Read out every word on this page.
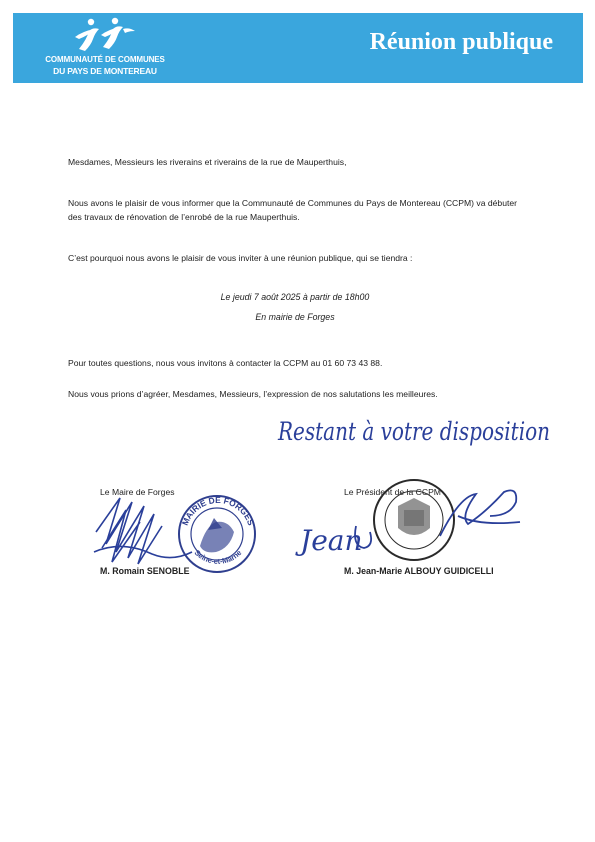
COMMUNAUTÉ DE COMMUNES
DU PAYS DE MONTEREAU
Réunion publique
Mesdames, Messieurs les riverains et riverains de la rue de Mauperthuis,
Nous avons le plaisir de vous informer que la Communauté de Communes du Pays de Montereau (CCPM) va débuter des travaux de rénovation de l’enrobé de la rue Mauperthuis.
C’est pourquoi nous avons le plaisir de vous inviter à une réunion publique, qui se tiendra :
Le jeudi 7 août 2025 à partir de 18h00
En mairie de Forges
Pour toutes questions, nous vous invitons à contacter la CCPM au 01 60 73 43 88.
Nous vous prions d’agréer, Mesdames, Messieurs, l’expression de nos salutations les meilleures.
Restant à votre disposition
Le Maire de Forges
MAIRIE DE FORGES
Seine-et-Marne
M. Romain SENOBLE
Le Président de la CCPM
Jean
M. Jean-Marie ALBOUY GUIDICELLI
